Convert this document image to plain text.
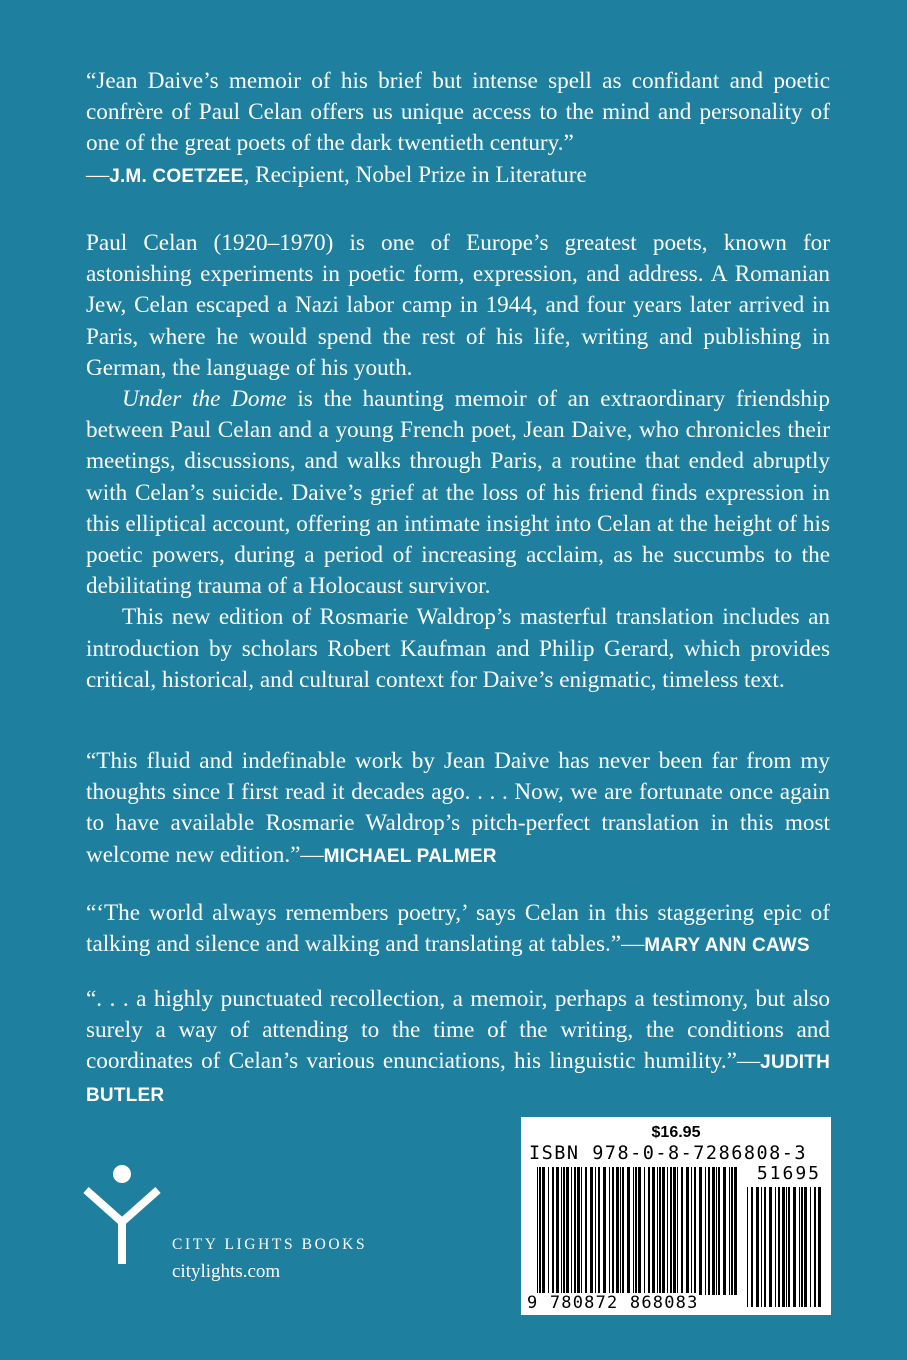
“Jean Daive’s memoir of his brief but intense spell as confidant and poetic confrère of Paul Celan offers us unique access to the mind and personality of one of the great poets of the dark twentieth century.”
—J.M. COETZEE, Recipient, Nobel Prize in Literature

Paul Celan (1920–1970) is one of Europe’s greatest poets, known for astonishing experiments in poetic form, expression, and address. A Romanian Jew, Celan escaped a Nazi labor camp in 1944, and four years later arrived in Paris, where he would spend the rest of his life, writing and publishing in German, the language of his youth.

Under the Dome is the haunting memoir of an extraordinary friendship between Paul Celan and a young French poet, Jean Daive, who chronicles their meetings, discussions, and walks through Paris, a routine that ended abruptly with Celan’s suicide. Daive’s grief at the loss of his friend finds expression in this elliptical account, offering an intimate insight into Celan at the height of his poetic powers, during a period of increasing acclaim, as he succumbs to the debilitating trauma of a Holocaust survivor.

This new edition of Rosmarie Waldrop’s masterful translation includes an introduction by scholars Robert Kaufman and Philip Gerard, which provides critical, historical, and cultural context for Daive’s enigmatic, timeless text.

“This fluid and indefinable work by Jean Daive has never been far from my thoughts since I first read it decades ago. . . . Now, we are fortunate once again to have available Rosmarie Waldrop’s pitch-perfect translation in this most welcome new edition.”—MICHAEL PALMER

“‘The world always remembers poetry,’ says Celan in this staggering epic of talking and silence and walking and translating at tables.”—MARY ANN CAWS

“. . . a highly punctuated recollection, a memoir, perhaps a testimony, but also surely a way of attending to the time of the writing, the conditions and coordinates of Celan’s various enunciations, his linguistic humility.”—JUDITH BUTLER

CITY LIGHTS BOOKS
citylights.com
$16.95
ISBN 978-0-8-7286808-3
51695
9 780872 868083
